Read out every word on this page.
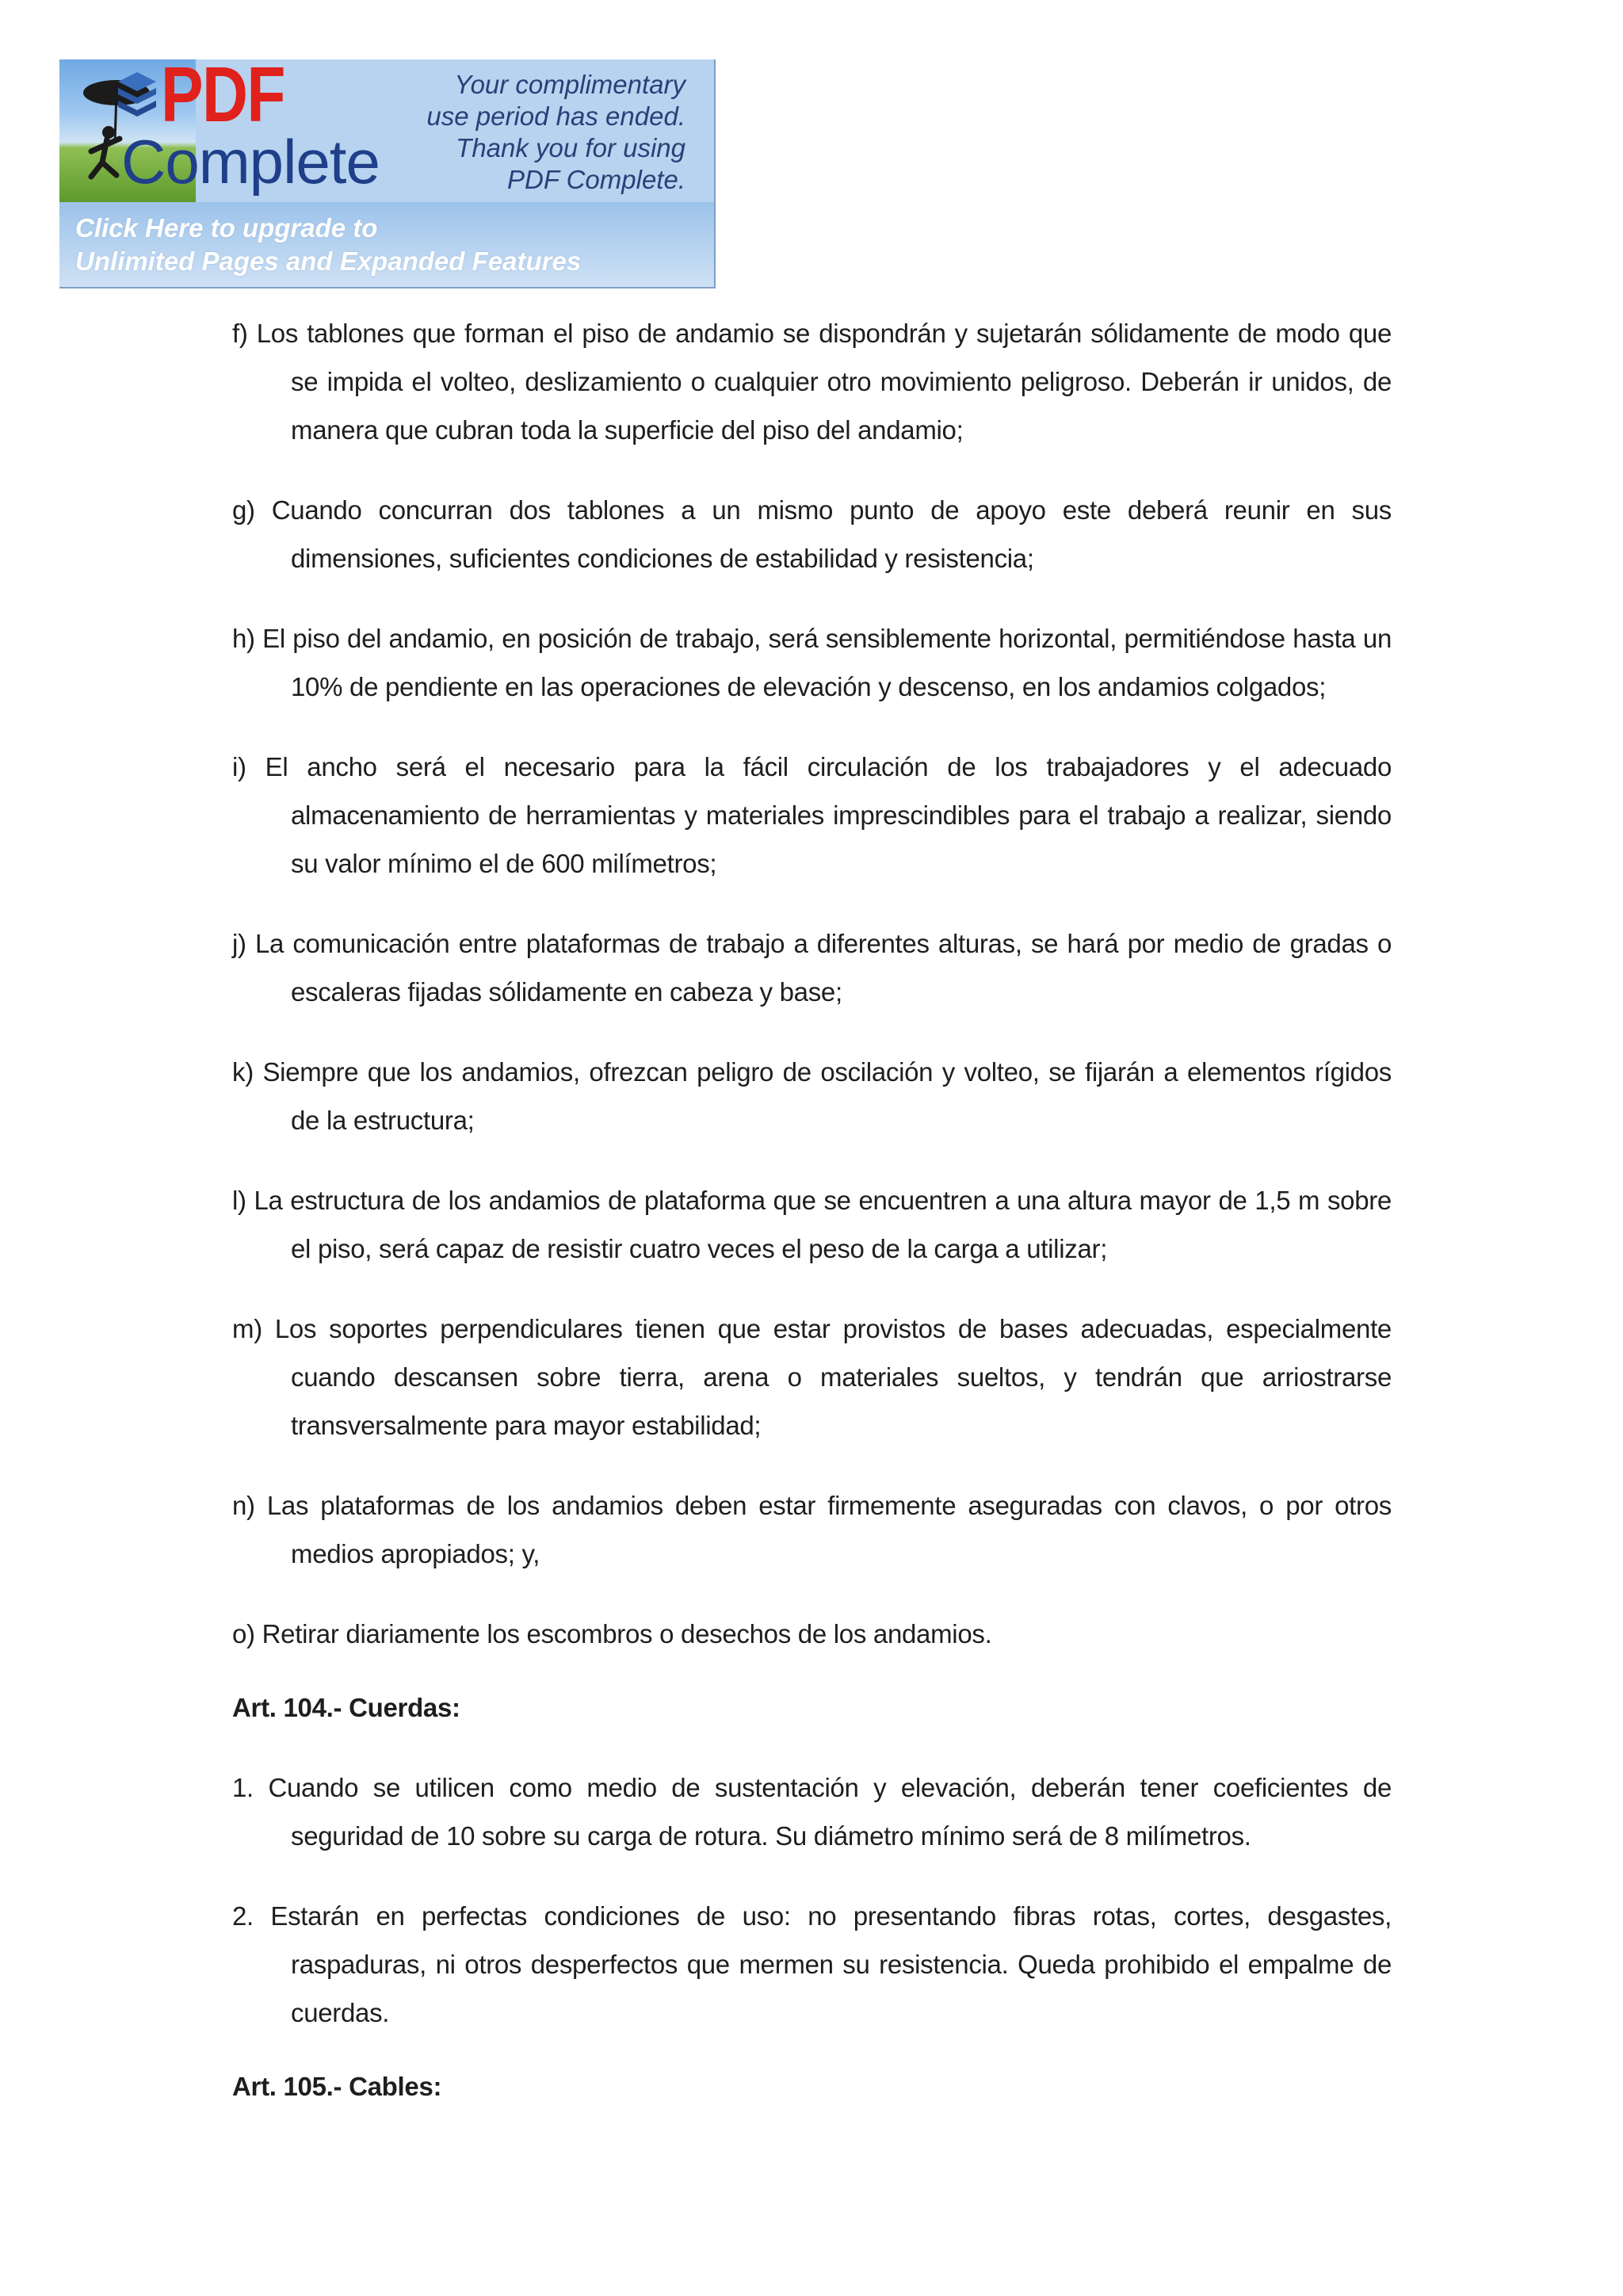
PDF
Complete
Your complimentary
use period has ended.
Thank you for using
PDF Complete.
Click Here to upgrade to
Unlimited Pages and Expanded Features

f) Los tablones que forman el piso de andamio se dispondrán y sujetarán sólidamente de modo que se impida el volteo, deslizamiento o cualquier otro movimiento peligroso. Deberán ir unidos, de manera que cubran toda la superficie del piso del andamio;

g) Cuando concurran dos tablones a un mismo punto de apoyo este deberá reunir en sus dimensiones, suficientes condiciones de estabilidad y resistencia;

h) El piso del andamio, en posición de trabajo, será sensiblemente horizontal, permitiéndose hasta un 10% de pendiente en las operaciones de elevación y descenso, en los andamios colgados;

i) El ancho será el necesario para la fácil circulación de los trabajadores y el adecuado almacenamiento de herramientas y materiales imprescindibles para el trabajo a realizar, siendo su valor mínimo el de 600 milímetros;

j) La comunicación entre plataformas de trabajo a diferentes alturas, se hará por medio de gradas o escaleras fijadas sólidamente en cabeza y base;

k) Siempre que los andamios, ofrezcan peligro de oscilación y volteo, se fijarán a elementos rígidos de la estructura;

l) La estructura de los andamios de plataforma que se encuentren a una altura mayor de 1,5 m sobre el piso, será capaz de resistir cuatro veces el peso de la carga a utilizar;

m) Los soportes perpendiculares tienen que estar provistos de bases adecuadas, especialmente cuando descansen sobre tierra, arena o materiales sueltos, y tendrán que arriostrarse transversalmente para mayor estabilidad;

n) Las plataformas de los andamios deben estar firmemente aseguradas con clavos, o por otros medios apropiados; y,

o) Retirar diariamente los escombros o desechos de los andamios.

Art. 104.- Cuerdas:

1. Cuando se utilicen como medio de sustentación y elevación, deberán tener coeficientes de seguridad de 10 sobre su carga de rotura. Su diámetro mínimo será de 8 milímetros.

2. Estarán en perfectas condiciones de uso: no presentando fibras rotas, cortes, desgastes, raspaduras, ni otros desperfectos que mermen su resistencia. Queda prohibido el empalme de cuerdas.

Art. 105.- Cables:
